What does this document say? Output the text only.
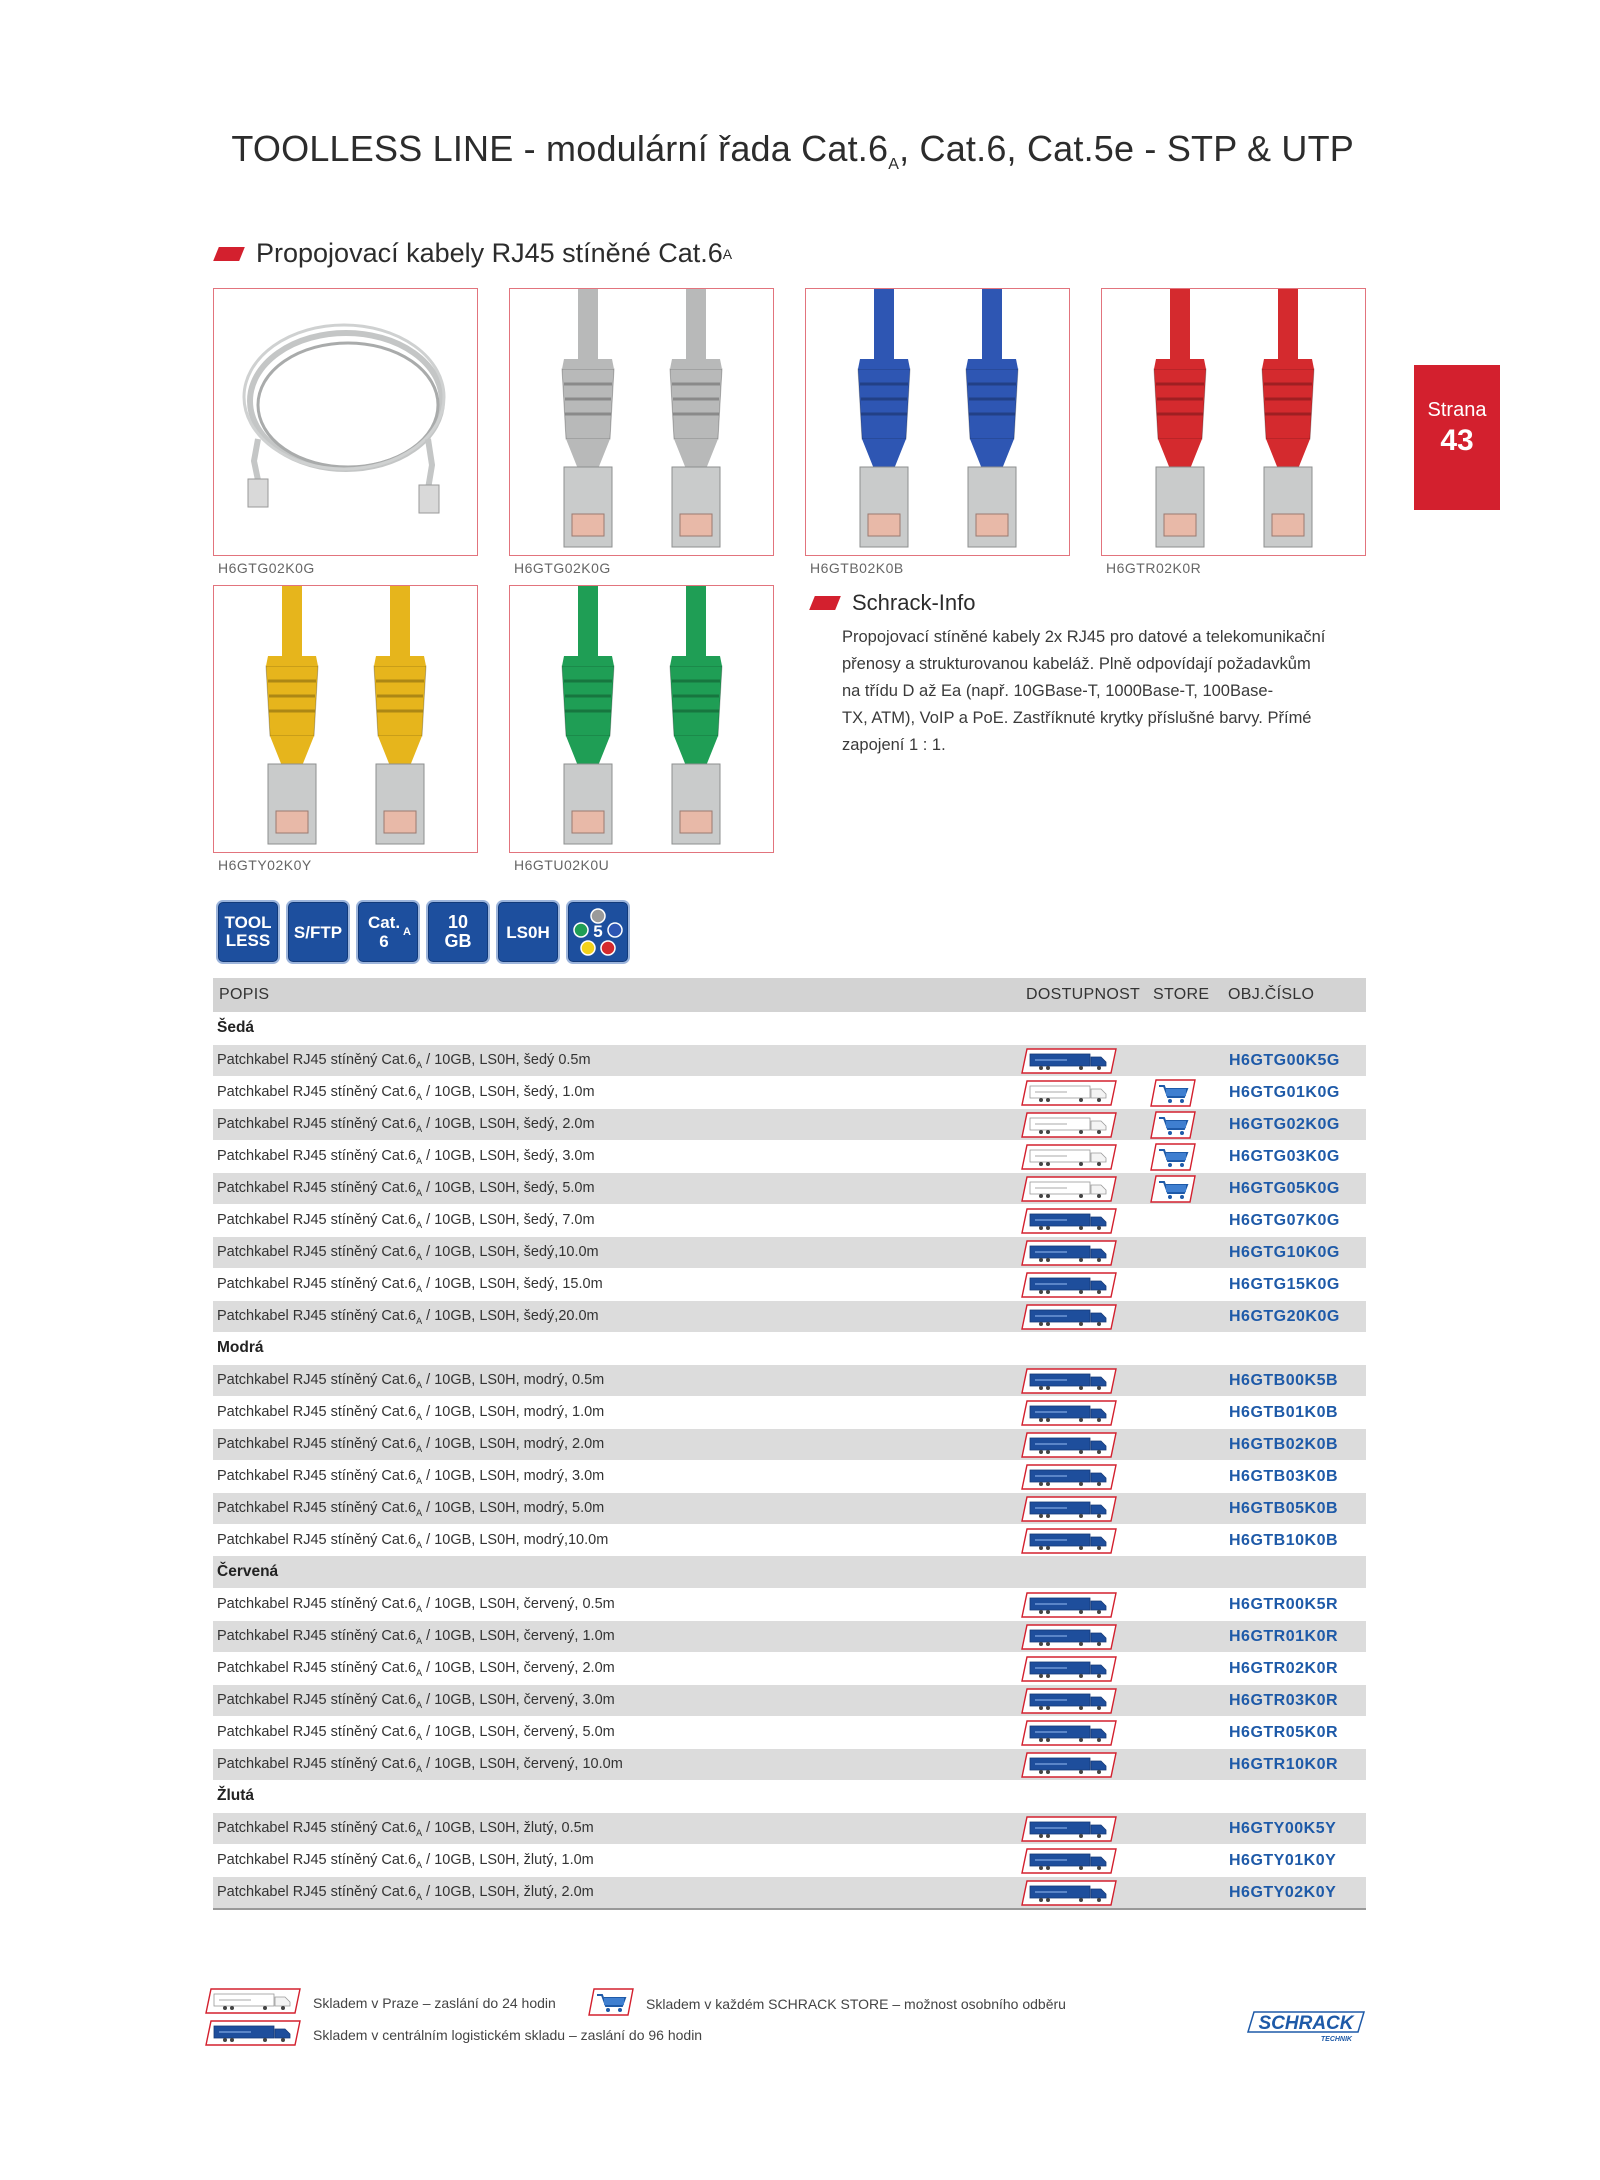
TOOLLESS LINE - modulární řada $Cat.6_A$, Cat.6, Cat.5e - STP & UTP
Strana
43
Propojovací kabely RJ45 stíněné Cat.6 A
H6GTG02K0G	H6GTG02K0G	H6GTB02K0B	H6GTR02K0R
H6GTY02K0Y	H6GTU02K0U
Schrack-Info
Propojovací stíněné kabely 2x RJ45 pro datové a telekomunikační
přenosy a strukturovanou kabeláž. Plně odpovídají požadavkům
na třídu D až Ea (např. 10GBase-T, 1000Base-T, 100Base-
TX, ATM), VoIP a PoE. Zastříknuté krytky příslušné barvy. Přímé
zapojení 1 : 1.
TOOL
LESS	S/FTP	Cat. 6
A	10 GB	LS0H	5
POPIS	DOSTUPNOST STORE OBJ.ČÍSLO
Šedá
Patchkabel RJ45 stíněný $Cat.6_A / 10GB$, LS0H, šedý 0.5m	H6GTG00K5G
Patchkabel RJ45 stíněný $Cat.6_A / 10GB$, LS0H, šedý, 1.0m	H6GTG01K0G
Patchkabel RJ45 stíněný $Cat.6_A / 10GB$, LS0H, šedý, 2.0m	H6GTG02K0G
Patchkabel RJ45 stíněný $Cat.6_A / 10GB$, LS0H, šedý, 3.0m	H6GTG03K0G
Patchkabel RJ45 stíněný $Cat.6_A / 10GB$, LS0H, šedý, 5.0m	H6GTG05K0G
Patchkabel RJ45 stíněný $Cat.6_A / 10GB$, LS0H, šedý, 7.0m	H6GTG07K0G
Patchkabel RJ45 stíněný $Cat.6_A / 10GB$, LS0H, šedý,10.0m	H6GTG10K0G
Patchkabel RJ45 stíněný $Cat.6_A / 10GB$, LS0H, šedý, 15.0m	H6GTG15K0G
Patchkabel RJ45 stíněný $Cat.6_A / 10GB$, LS0H, šedý,20.0m	H6GTG20K0G
Modrá
Patchkabel RJ45 stíněný $Cat.6_A / 10GB$, LS0H, modrý, 0.5m	H6GTB00K5B
Patchkabel RJ45 stíněný $Cat.6_A / 10GB$, LS0H, modrý, 1.0m	H6GTB01K0B
Patchkabel RJ45 stíněný $Cat.6_A / 10GB$, LS0H, modrý, 2.0m	H6GTB02K0B
Patchkabel RJ45 stíněný $Cat.6_A / 10GB$, LS0H, modrý, 3.0m	H6GTB03K0B
Patchkabel RJ45 stíněný $Cat.6_A / 10GB$, LS0H, modrý, 5.0m	H6GTB05K0B
Patchkabel RJ45 stíněný $Cat.6_A / 10GB$, LS0H, modrý,10.0m	H6GTB10K0B
Červená
Patchkabel RJ45 stíněný $Cat.6_A / 10GB$, LS0H, červený, 0.5m	H6GTR00K5R
Patchkabel RJ45 stíněný $Cat.6_A / 10GB$, LS0H, červený, 1.0m	H6GTR01K0R
Patchkabel RJ45 stíněný $Cat.6_A / 10GB$, LS0H, červený, 2.0m	H6GTR02K0R
Patchkabel RJ45 stíněný $Cat.6_A / 10GB$, LS0H, červený, 3.0m	H6GTR03K0R
Patchkabel RJ45 stíněný $Cat.6_A / 10GB$, LS0H, červený, 5.0m	H6GTR05K0R
Patchkabel RJ45 stíněný $Cat.6_A / 10GB$, LS0H, červený, 10.0m	H6GTR10K0R
Žlutá
Patchkabel RJ45 stíněný $Cat.6_A / 10GB$, LS0H, žlutý, 0.5m	H6GTY00K5Y
Patchkabel RJ45 stíněný $Cat.6_A / 10GB$, LS0H, žlutý, 1.0m	H6GTY01K0Y
Patchkabel RJ45 stíněný $Cat.6_A / 10GB$, LS0H, žlutý, 2.0m	H6GTY02K0Y
Skladem v Praze – zaslání do 24 hodin	Skladem v každém SCHRACK STORE – možnost osobního odběru
Skladem v centrálním logistickém skladu – zaslání do 96 hodin
SCHRACK
TECHNIK
